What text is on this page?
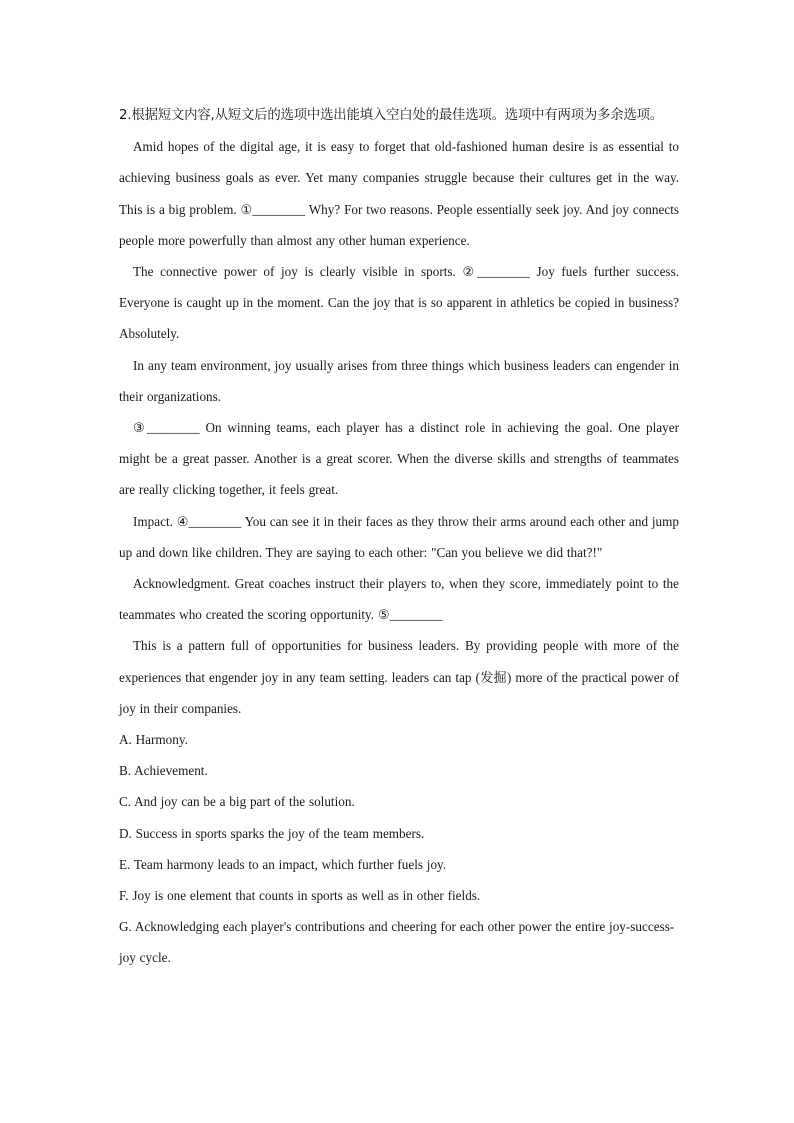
2.根据短文内容,从短文后的选项中选出能填入空白处的最佳选项。选项中有两项为多余选项。

Amid hopes of the digital age, it is easy to forget that old-fashioned human desire is as essential to achieving business goals as ever. Yet many companies struggle because their cultures get in the way. This is a big problem. ①________ Why? For two reasons. People essentially seek joy. And joy connects people more powerfully than almost any other human experience.

The connective power of joy is clearly visible in sports. ②________ Joy fuels further success. Everyone is caught up in the moment. Can the joy that is so apparent in athletics be copied in business? Absolutely.

In any team environment, joy usually arises from three things which business leaders can engender in their organizations.

③________ On winning teams, each player has a distinct role in achieving the goal. One player might be a great passer. Another is a great scorer. When the diverse skills and strengths of teammates are really clicking together, it feels great.

Impact. ④________ You can see it in their faces as they throw their arms around each other and jump up and down like children. They are saying to each other: "Can you believe we did that?!"

Acknowledgment. Great coaches instruct their players to, when they score, immediately point to the teammates who created the scoring opportunity. ⑤________

This is a pattern full of opportunities for business leaders. By providing people with more of the experiences that engender joy in any team setting. leaders can tap (发掘) more of the practical power of joy in their companies.

A. Harmony.

B. Achievement.

C. And joy can be a big part of the solution.

D. Success in sports sparks the joy of the team members.

E. Team harmony leads to an impact, which further fuels joy.

F. Joy is one element that counts in sports as well as in other fields.

G. Acknowledging each player's contributions and cheering for each other power the entire joy-success-joy cycle.
